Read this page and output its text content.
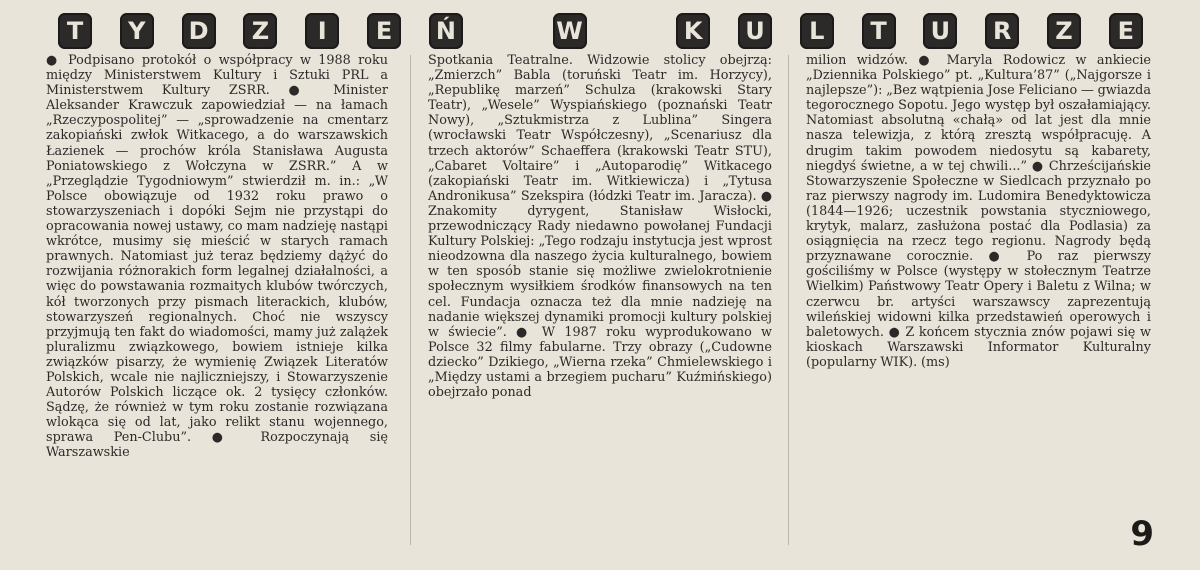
T Y D Z I E Ń	W	K U L T U R Z E
● Podpisano protokół o współpracy w 1988 roku między Ministerstwem Kultury i Sztuki PRL a Ministerstwem Kultury ZSRR. ● Minister Aleksander Krawczuk zapowiedział — na łamach „Rzeczypospolitej” — „sprowadzenie na cmentarz zakopiański zwłok Witkacego, a do warszawskich Łazienek — prochów króla Stanisława Augusta Poniatowskiego z Wołczyna w ZSRR.” A w „Przeglądzie Tygodniowym” stwierdził m. in.: „W Polsce obowiązuje od 1932 roku prawo o stowarzyszeniach i dopóki Sejm nie przystąpi do opracowania nowej ustawy, co mam nadzieję nastąpi wkrótce, musimy się mieścić w starych ramach prawnych. Natomiast już teraz będziemy dążyć do rozwijania różnorakich form legalnej działalności, a więc do powstawania rozmaitych klubów twórczych, kół tworzonych przy pismach literackich, klubów, stowarzyszeń regionalnych. Choć nie wszyscy przyjmują ten fakt do wiadomości, mamy już zalążek pluralizmu związkowego, bowiem istnieje kilka związków pisarzy, że wymienię Związek Literatów Polskich, wcale nie najliczniejszy, i Stowarzyszenie Autorów Polskich liczące ok. 2 tysięcy członków. Sądzę, że również w tym roku zostanie rozwiązana wlokąca się od lat, jako relikt stanu wojennego, sprawa Pen-Clubu”. ● Rozpoczynają się Warszawskie
Spotkania Teatralne. Widzowie stolicy obejrzą: „Zmierzch” Babla (toruński Teatr im. Horzycy), „Republikę marzeń” Schulza (krakowski Stary Teatr), „Wesele” Wyspiańskiego (poznański Teatr Nowy), „Sztukmistrza z Lublina” Singera (wrocławski Teatr Współczesny), „Scenariusz dla trzech aktorów” Schaeffera (krakowski Teatr STU), „Cabaret Voltaire” i „Autoparodię” Witkacego (zakopiański Teatr im. Witkiewicza) i „Tytusa Andronikusa” Szekspira (łódzki Teatr im. Jaracza). ● Znakomity dyrygent, Stanisław Wisłocki, przewodniczący Rady niedawno powołanej Fundacji Kultury Polskiej: „Tego rodzaju instytucja jest wprost nieodzowna dla naszego życia kulturalnego, bowiem w ten sposób stanie się możliwe zwielokrotnienie społecznym wysiłkiem środków finansowych na ten cel. Fundacja oznacza też dla mnie nadzieję na nadanie większej dynamiki promocji kultury polskiej w świecie”. ● W 1987 roku wyprodukowano w Polsce 32 filmy fabularne. Trzy obrazy („Cudowne dziecko” Dzikiego, „Wierna rzeka” Chmielewskiego i „Między ustami a brzegiem pucharu” Kuźmińskiego) obejrzało ponad
milion widzów. ● Maryla Rodowicz w ankiecie „Dziennika Polskiego” pt. „Kultura’87” („Najgorsze i najlepsze”): „Bez wątpienia Jose Feliciano — gwiazda tegorocznego Sopotu. Jego występ był oszałamiający. Natomiast absolutną «chałą» od lat jest dla mnie nasza telewizja, z którą zresztą współpracuję. A drugim takim powodem niedosytu są kabarety, niegdyś świetne, a w tej chwili...” ● Chrześcijańskie Stowarzyszenie Społeczne w Siedlcach przyznało po raz pierwszy nagrody im. Ludomira Benedyktowicza (1844—1926; uczestnik powstania styczniowego, krytyk, malarz, zasłużona postać dla Podlasia) za osiągnięcia na rzecz tego regionu. Nagrody będą przyznawane corocznie. ● Po raz pierwszy gościliśmy w Polsce (występy w stołecznym Teatrze Wielkim) Państwowy Teatr Opery i Baletu z Wilna; w czerwcu br. artyści warszawscy zaprezentują wileńskiej widowni kilka przedstawień operowych i baletowych. ● Z końcem stycznia znów pojawi się w kioskach Warszawski Informator Kulturalny (popularny WIK). (ms)
9
